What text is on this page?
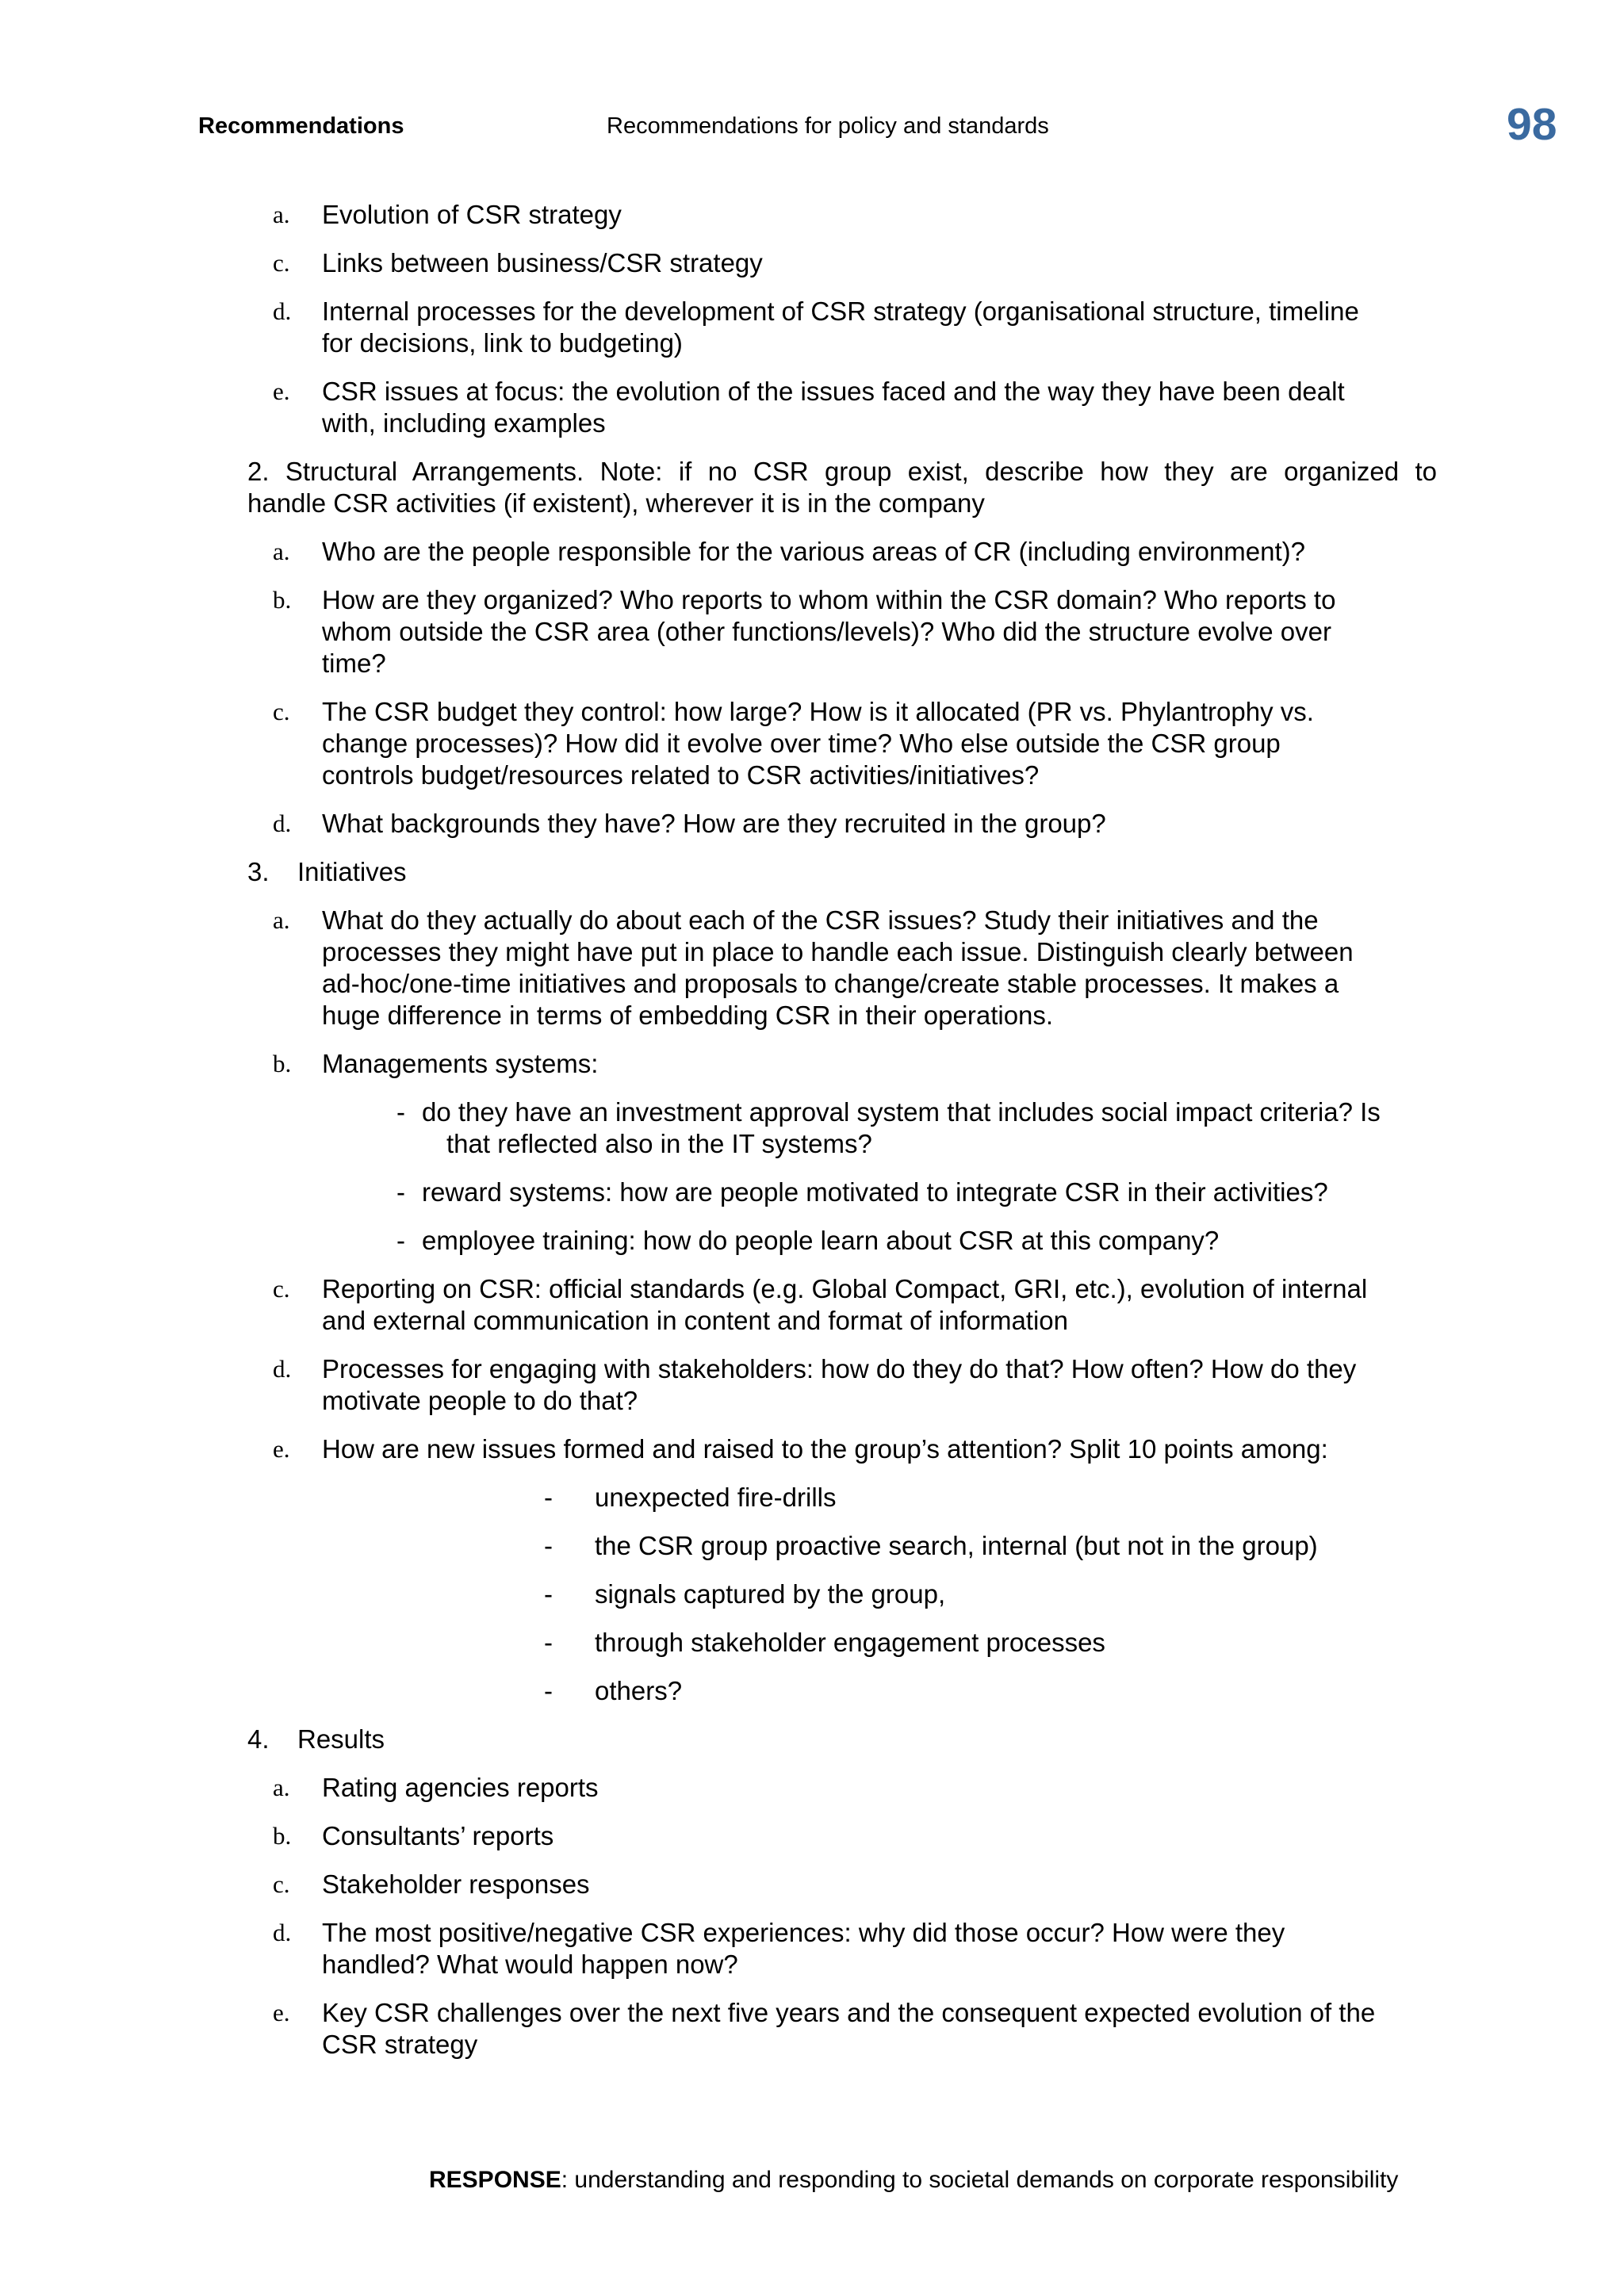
Recommendations	Recommendations for policy and standards	98
a. Evolution of CSR strategy
c. Links between business/CSR strategy
d. Internal processes for the development of CSR strategy (organisational structure, timeline
for decisions, link to budgeting)
e. CSR issues at focus: the evolution of the issues faced and the way they have been dealt
with, including examples
2. Structural Arrangements. Note: if no CSR group exist, describe how they are organized to
handle CSR activities (if existent), wherever it is in the company
a. Who are the people responsible for the various areas of CR (including environment)?
b. How are they organized? Who reports to whom within the CSR domain? Who reports to
whom outside the CSR area (other functions/levels)? Who did the structure evolve over
time?
c. The CSR budget they control: how large? How is it allocated (PR vs. Phylantrophy vs.
change processes)? How did it evolve over time? Who else outside the CSR group
controls budget/resources related to CSR activities/initiatives?
d. What backgrounds they have? How are they recruited in the group?
3. Initiatives
a. What do they actually do about each of the CSR issues? Study their initiatives and the
processes they might have put in place to handle each issue. Distinguish clearly between
ad-hoc/one-time initiatives and proposals to change/create stable processes. It makes a
huge difference in terms of embedding CSR in their operations.
b. Managements systems:
- do they have an investment approval system that includes social impact criteria? Is
that reflected also in the IT systems?
- reward systems: how are people motivated to integrate CSR in their activities?
- employee training: how do people learn about CSR at this company?
c. Reporting on CSR: official standards (e.g. Global Compact, GRI, etc.), evolution of internal
and external communication in content and format of information
d. Processes for engaging with stakeholders: how do they do that? How often? How do they
motivate people to do that?
e. How are new issues formed and raised to the group’s attention? Split 10 points among:
- unexpected fire-drills
- the CSR group proactive search, internal (but not in the group)
- signals captured by the group,
- through stakeholder engagement processes
- others?
4. Results
a. Rating agencies reports
b. Consultants’ reports
c. Stakeholder responses
d. The most positive/negative CSR experiences: why did those occur? How were they
handled? What would happen now?
e. Key CSR challenges over the next five years and the consequent expected evolution of the
CSR strategy
RESPONSE: understanding and responding to societal demands on corporate responsibility
